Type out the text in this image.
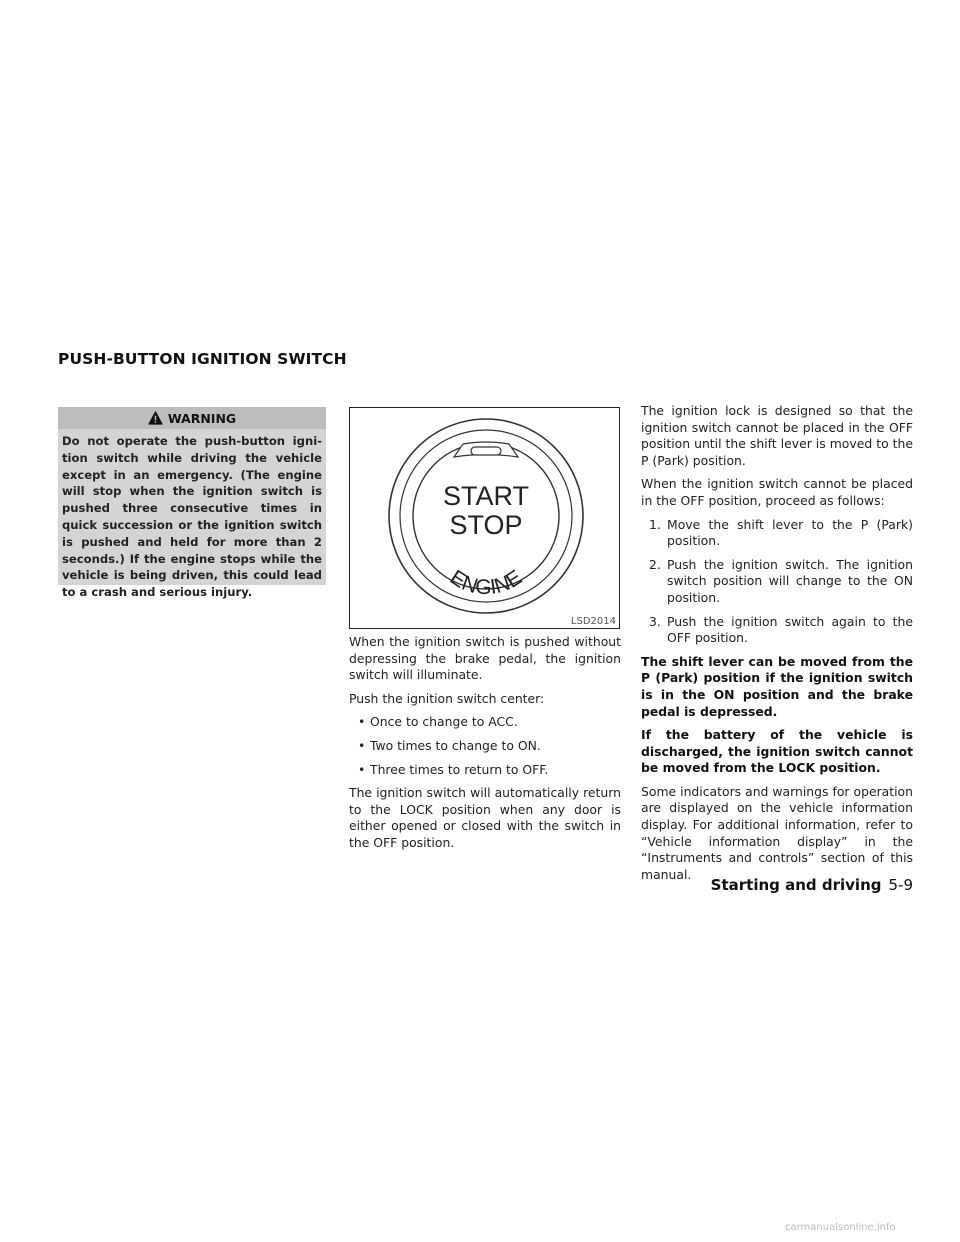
PUSH-BUTTON IGNITION SWITCH
WARNING
Do not operate the push-button ignition switch while driving the vehicle except in an emergency. (The engine will stop when the ignition switch is pushed three consecutive times in quick succession or the ignition switch is pushed and held for more than 2 seconds.) If the engine stops while the vehicle is being driven, this could lead to a crash and serious injury.
START
STOP
ENGINE
LSD2014

When the ignition switch is pushed without depressing the brake pedal, the ignition switch will illuminate.

Push the ignition switch center:

• Once to change to ACC.
• Two times to change to ON.
• Three times to return to OFF.

The ignition switch will automatically return to the LOCK position when any door is either opened or closed with the switch in the OFF position.

The ignition lock is designed so that the ignition switch cannot be placed in the OFF position until the shift lever is moved to the P (Park) position.

When the ignition switch cannot be placed in the OFF position, proceed as follows:

1. Move the shift lever to the P (Park) position.
2. Push the ignition switch. The ignition switch position will change to the ON position.
3. Push the ignition switch again to the OFF position.

The shift lever can be moved from the P (Park) position if the ignition switch is in the ON position and the brake pedal is depressed.

If the battery of the vehicle is discharged, the ignition switch cannot be moved from the LOCK position.

Some indicators and warnings for operation are displayed on the vehicle information display. For additional information, refer to “Vehicle information display” in the “Instruments and controls” section of this manual.

Starting and driving 5-9
carmanualsonline.info
